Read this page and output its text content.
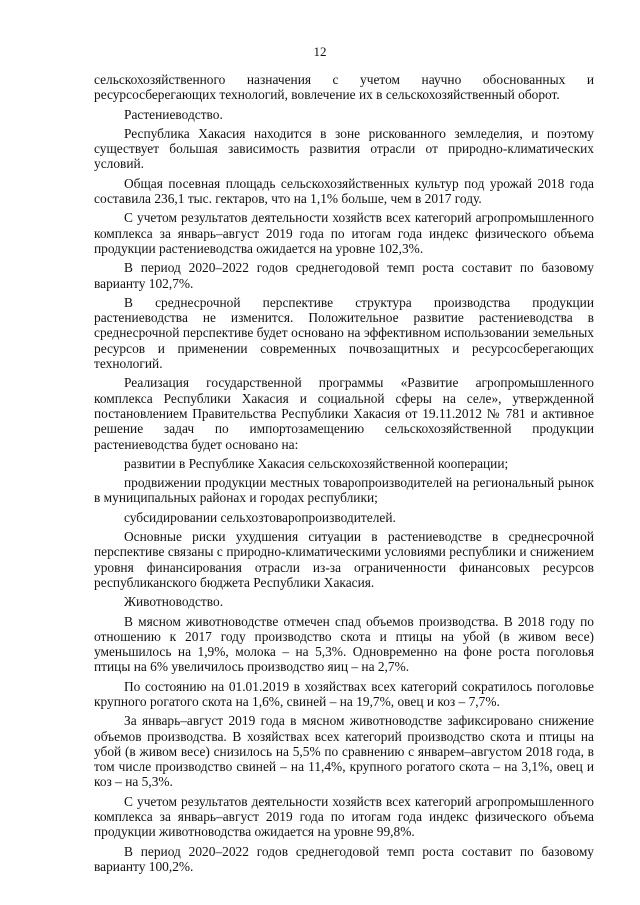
12

сельскохозяйственного назначения с учетом научно обоснованных и ресурсосберегающих технологий, вовлечение их в сельскохозяйственный оборот.

Растениеводство.

Республика Хакасия находится в зоне рискованного земледелия, и поэтому существует большая зависимость развития отрасли от природно-климатических условий.

Общая посевная площадь сельскохозяйственных культур под урожай 2018 года составила 236,1 тыс. гектаров, что на 1,1% больше, чем в 2017 году.

С учетом результатов деятельности хозяйств всех категорий агропромышленного комплекса за январь–август 2019 года по итогам года индекс физического объема продукции растениеводства ожидается на уровне 102,3%.

В период 2020–2022 годов среднегодовой темп роста составит по базовому варианту 102,7%.

В среднесрочной перспективе структура производства продукции растениеводства не изменится. Положительное развитие растениеводства в среднесрочной перспективе будет основано на эффективном использовании земельных ресурсов и применении современных почвозащитных и ресурсосберегающих технологий.

Реализация государственной программы «Развитие агропромышленного комплекса Республики Хакасия и социальной сферы на селе», утвержденной постановлением Правительства Республики Хакасия от 19.11.2012 № 781 и активное решение задач по импортозамещению сельскохозяйственной продукции растениеводства будет основано на:

развитии в Республике Хакасия сельскохозяйственной кооперации;

продвижении продукции местных товаропроизводителей на региональный рынок в муниципальных районах и городах республики;

субсидировании сельхозтоваропроизводителей.

Основные риски ухудшения ситуации в растениеводстве в среднесрочной перспективе связаны с природно-климатическими условиями республики и снижением уровня финансирования отрасли из-за ограниченности финансовых ресурсов республиканского бюджета Республики Хакасия.

Животноводство.

В мясном животноводстве отмечен спад объемов производства. В 2018 году по отношению к 2017 году производство скота и птицы на убой (в живом весе) уменьшилось на 1,9%, молока – на 5,3%. Одновременно на фоне роста поголовья птицы на 6% увеличилось производство яиц – на 2,7%.

По состоянию на 01.01.2019 в хозяйствах всех категорий сократилось поголовье крупного рогатого скота на 1,6%, свиней – на 19,7%, овец и коз – 7,7%.

За январь–август 2019 года в мясном животноводстве зафиксировано снижение объемов производства. В хозяйствах всех категорий производство скота и птицы на убой (в живом весе) снизилось на 5,5% по сравнению с январем–августом 2018 года, в том числе производство свиней – на 11,4%, крупного рогатого скота – на 3,1%, овец и коз – на 5,3%.

С учетом результатов деятельности хозяйств всех категорий агропромышленного комплекса за январь–август 2019 года по итогам года индекс физического объема продукции животноводства ожидается на уровне 99,8%.

В период 2020–2022 годов среднегодовой темп роста составит по базовому варианту 100,2%.
